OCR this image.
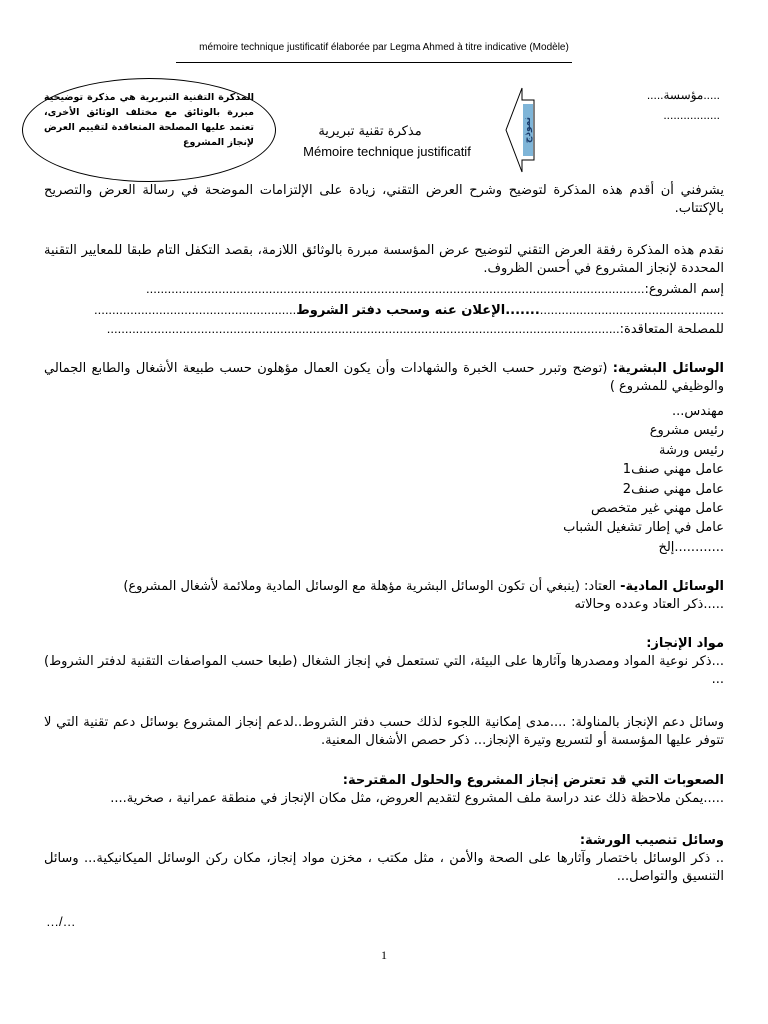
mémoire technique justificatif élaborée par Legma Ahmed à titre indicative (Modèle)
المذكرة التقنية التبريرية هي مذكرة توضيحية مبررة بالوثائق مع مختلف الوثائق الأخرى، تعتمد عليها المصلحة المتعاقدة لتقييم العرض لإنجاز المشروع
مذكرة تقنية تبريرية
Mémoire technique justificatif
نموذج
.....مؤسسة.....
.................
يشرفني أن أقدم هذه المذكرة لتوضيح وشرح العرض التقني، زيادة على الإلتزامات الموضحة في رسالة العرض والتصريح بالإكتتاب.
نقدم هذه المذكرة رفقة العرض التقني لتوضيح عرض المؤسسة مبررة بالوثائق اللازمة، بقصد التكفل التام طبقا للمعايير التقنية المحددة لإنجاز المشروع في أحسن الظروف.
إسم المشروع:
..........................................................................................................................................
...................................................
.......الإعلان عنه وسحب دفتر الشروط
........................................................
للمصلحة المتعاقدة:
..............................................................................................................................................
الوسائل البشرية: (توضح وتبرر حسب الخبرة والشهادات وأن يكون العمال مؤهلون حسب طبيعة الأشغال والطابع الجمالي والوظيفي للمشروع )
مهندس...
رئيس مشروع
رئيس ورشة
عامل مهني صنف1
عامل مهني صنف2
عامل مهني غير متخصص
عامل في إطار تشغيل الشباب
............إلخ
الوسائل المادية- العتاد: (ينبغي أن تكون الوسائل البشرية مؤهلة مع الوسائل المادية وملائمة لأشغال المشروع)
.....ذكر العتاد وعدده وحالاته
مواد الإنجاز:
...ذكر نوعية المواد ومصدرها وآثارها على البيئة، التي تستعمل في إنجاز الشغال (طبعا حسب المواصفات التقنية لدفتر الشروط) ...
وسائل دعم الإنجاز بالمناولة: ....مدى إمكانية اللجوء لذلك حسب دفتر الشروط..لدعم إنجاز المشروع بوسائل دعم تقنية التي لا تتوفر عليها المؤسسة أو لتسريع وتيرة الإنجاز... ذكر حصص الأشغال المعنية.
الصعوبات التي قد تعترض إنجاز المشروع والحلول المقترحة:
.....يمكن ملاحظة ذلك عند دراسة ملف المشروع لتقديم العروض، مثل مكان الإنجاز في منطقة عمرانية ، صخرية....
وسائل تنصيب الورشة:
.. ذكر الوسائل باختصار وآثارها على الصحة والأمن ، مثل مكتب ، مخزن مواد إنجاز، مكان ركن الوسائل الميكانيكية... وسائل التنسيق والتواصل...
…/…
1
